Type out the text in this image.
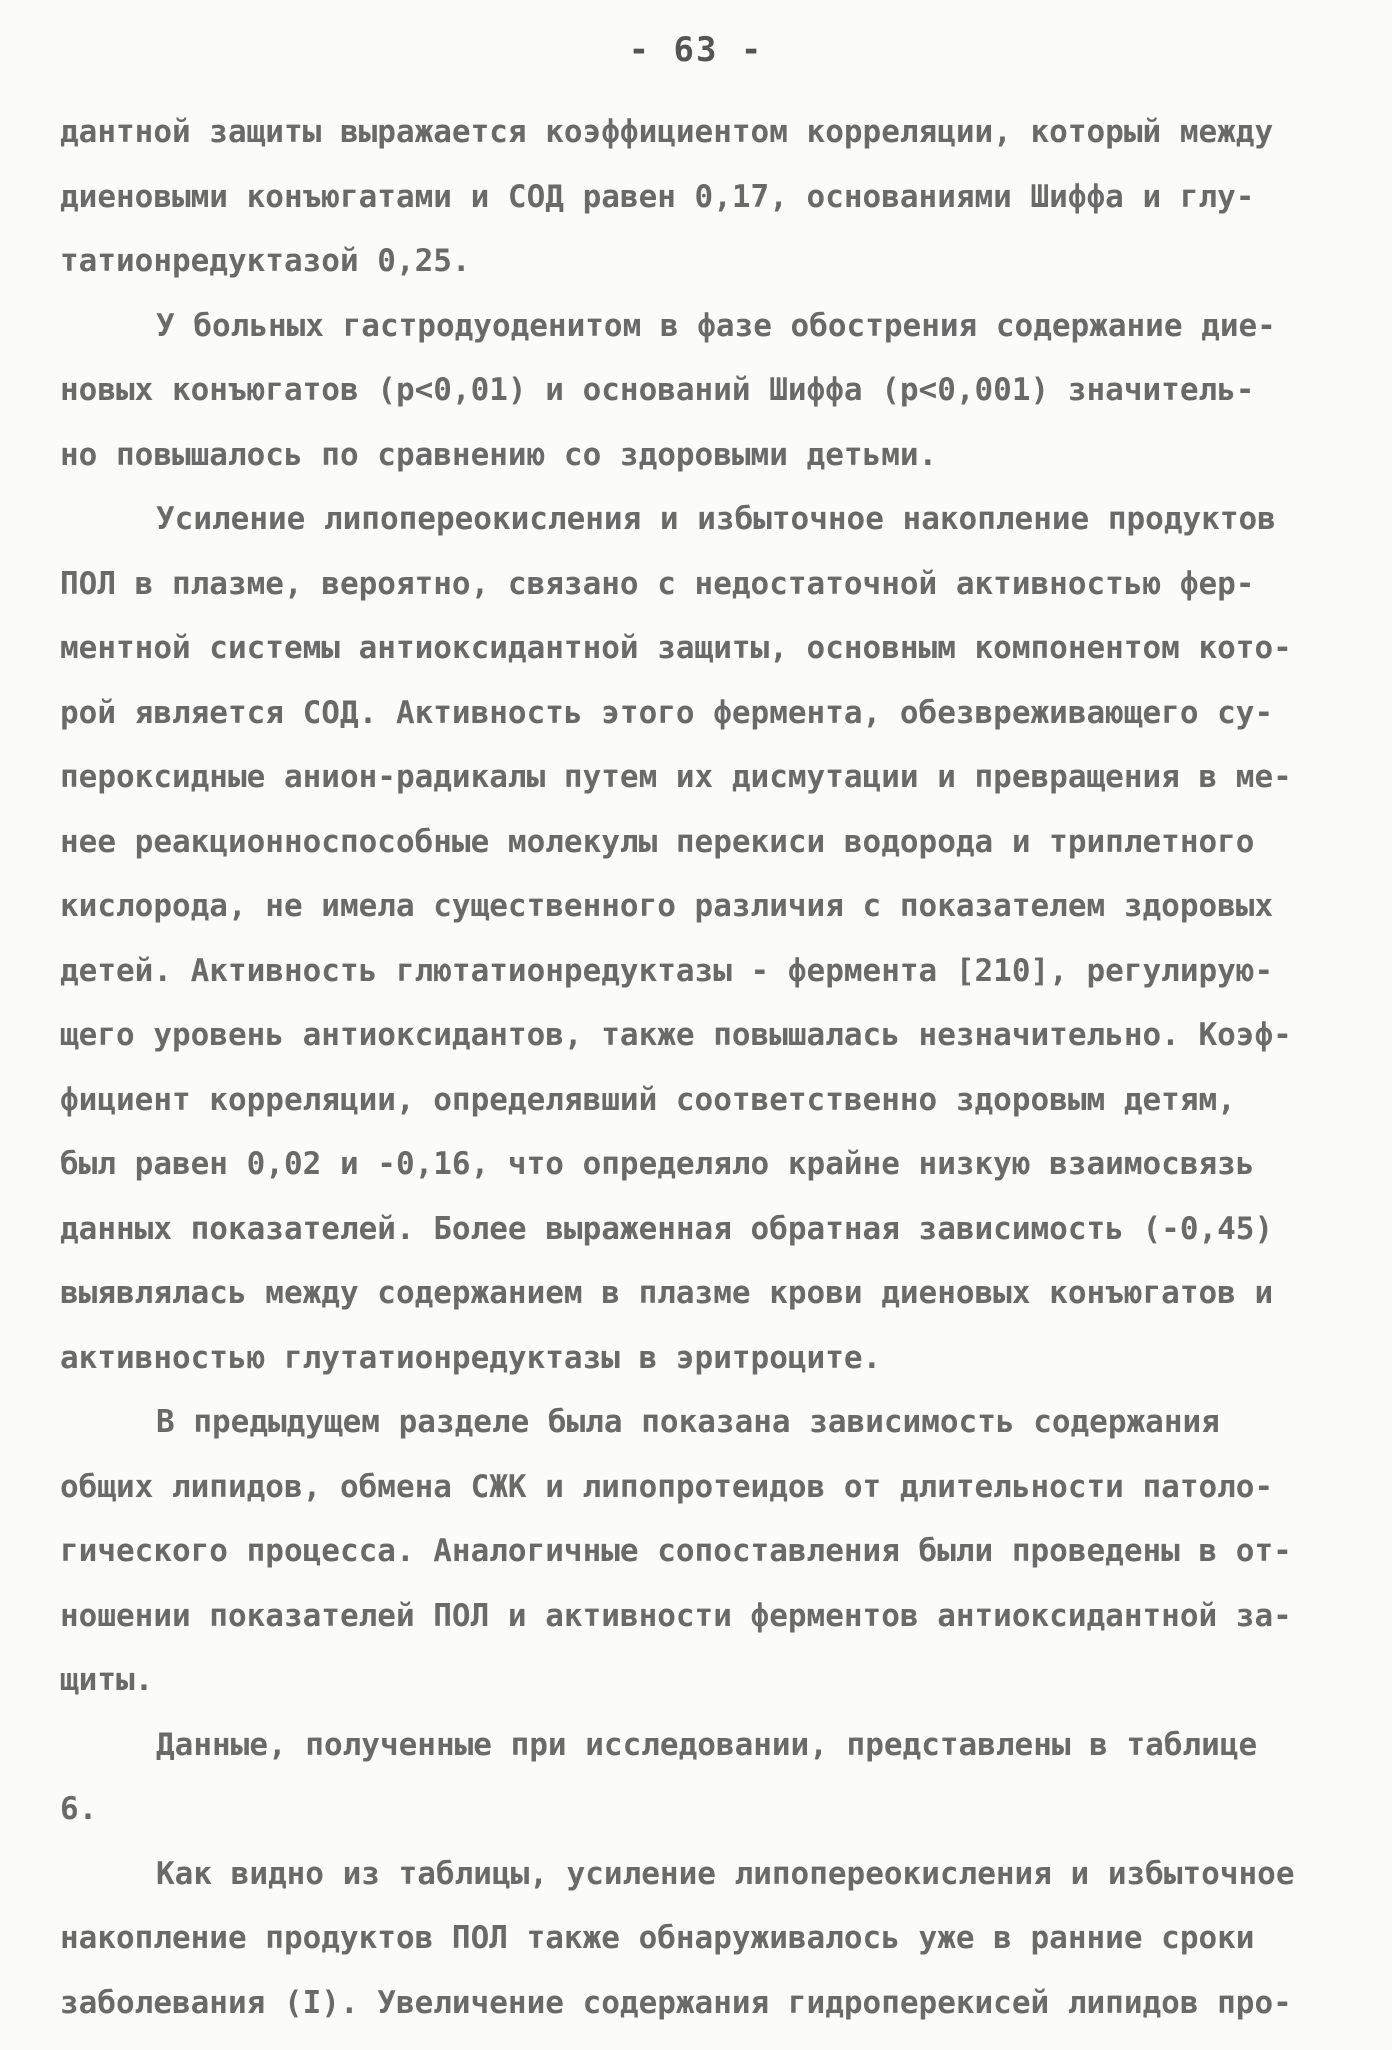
- 63 -
дантной защиты выражается коэффициентом корреляции, который между
диеновыми конъюгатами и СОД равен 0,17, основаниями Шиффа и глу-
татионредуктазой 0,25.
У больных гастродуоденитом в фазе обострения содержание дие-
новых конъюгатов (р<0,01) и оснований Шиффа (р<0,001) значитель-
но повышалось по сравнению со здоровыми детьми.
Усиление липопереокисления и избыточное накопление продуктов
ПОЛ в плазме, вероятно, связано с недостаточной активностью фер-
ментной системы антиоксидантной защиты, основным компонентом кото-
рой является СОД. Активность этого фермента, обезвреживающего су-
пероксидные анион-радикалы путем их дисмутации и превращения в ме-
нее реакционноспособные молекулы перекиси водорода и триплетного
кислорода, не имела существенного различия с показателем здоровых
детей. Активность глютатионредуктазы - фермента [210], регулирую-
щего уровень антиоксидантов, также повышалась незначительно. Коэф-
фициент корреляции, определявший соответственно здоровым детям,
был равен 0,02 и -0,16, что определяло крайне низкую взаимосвязь
данных показателей. Более выраженная обратная зависимость (-0,45)
выявлялась между содержанием в плазме крови диеновых конъюгатов и
активностью глутатионредуктазы в эритроците.
В предыдущем разделе была показана зависимость содержания
общих липидов, обмена СЖК и липопротеидов от длительности патоло-
гического процесса. Аналогичные сопоставления были проведены в от-
ношении показателей ПОЛ и активности ферментов антиоксидантной за-
щиты.
Данные, полученные при исследовании, представлены в таблице
6.
Как видно из таблицы, усиление липопереокисления и избыточное
накопление продуктов ПОЛ также обнаруживалось уже в ранние сроки
заболевания (I). Увеличение содержания гидроперекисей липидов про-
